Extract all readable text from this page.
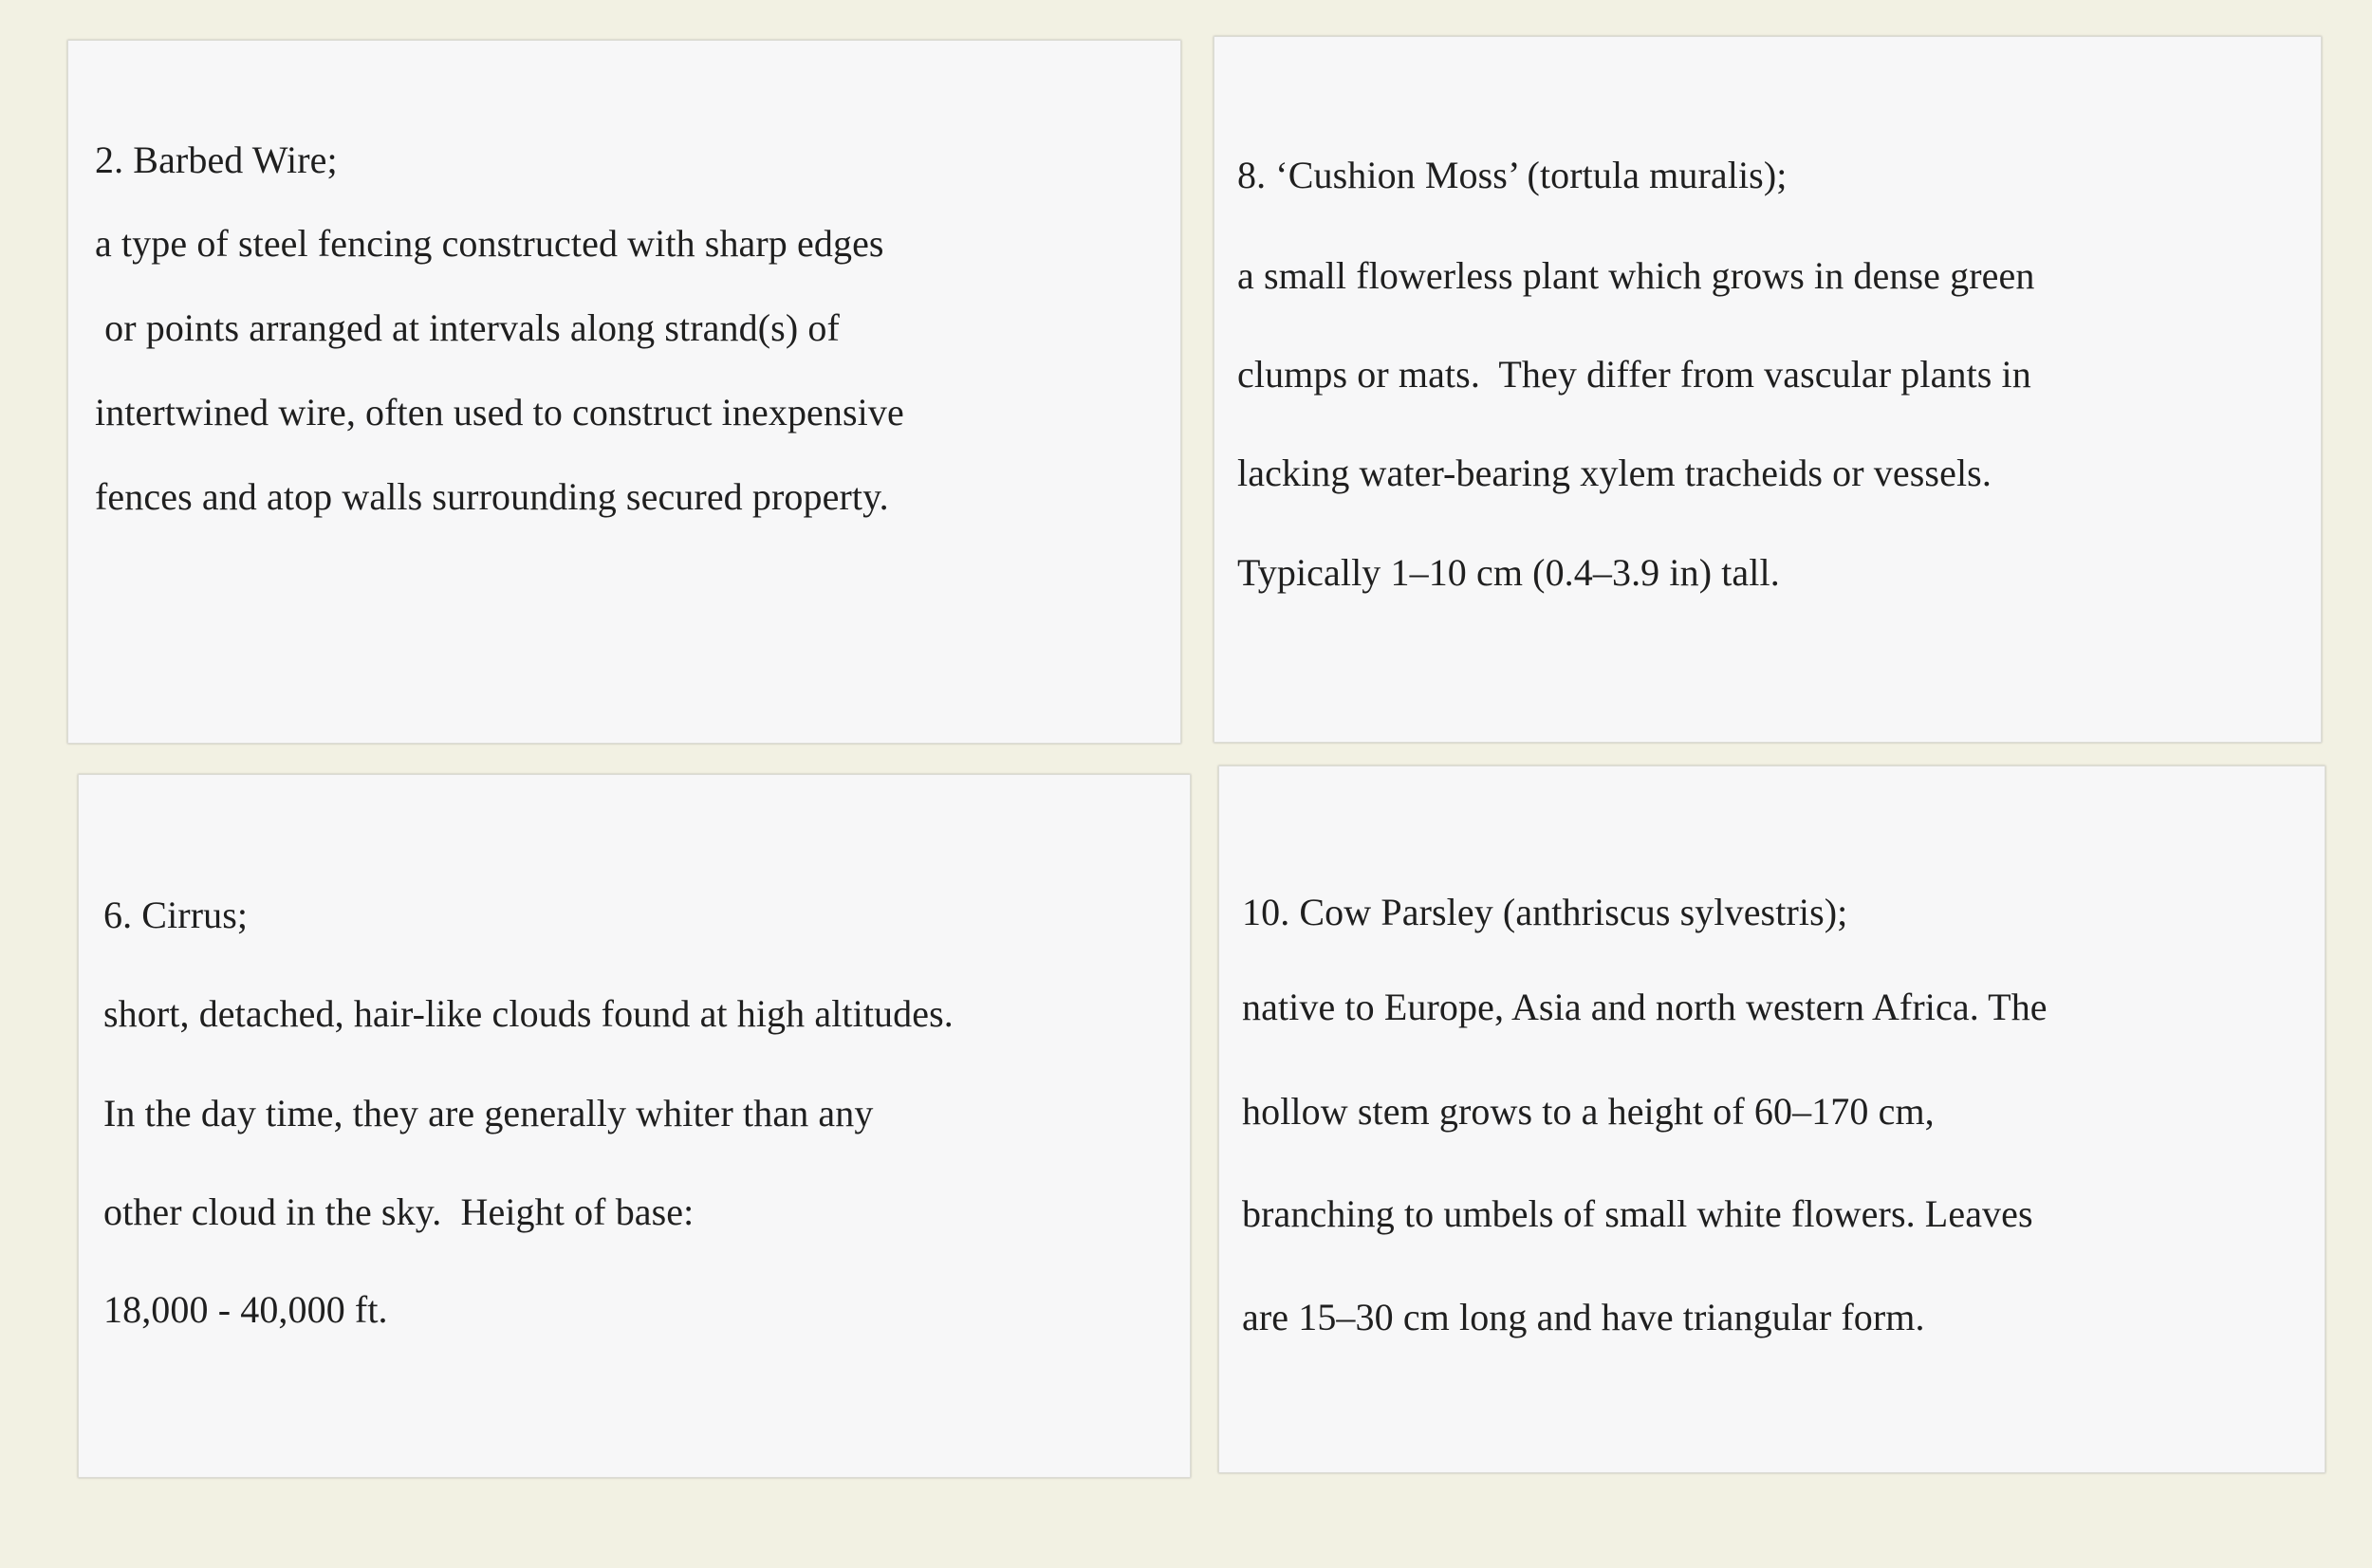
2. Barbed Wire;
a type of steel fencing constructed with sharp edges
or points arranged at intervals along strand(s) of
intertwined wire, often used to construct inexpensive
fences and atop walls surrounding secured property.
8. ‘Cushion Moss’ (tortula muralis);
a small flowerless plant which grows in dense green
clumps or mats.  They differ from vascular plants in
lacking water-bearing xylem tracheids or vessels.
Typically 1–10 cm (0.4–3.9 in) tall.
6. Cirrus;
short, detached, hair-like clouds found at high altitudes.
In the day time, they are generally whiter than any
other cloud in the sky.  Height of base:
18,000 - 40,000 ft.
10. Cow Parsley (anthriscus sylvestris);
native to Europe, Asia and north western Africa. The
hollow stem grows to a height of 60–170 cm,
branching to umbels of small white flowers. Leaves
are 15–30 cm long and have triangular form.
